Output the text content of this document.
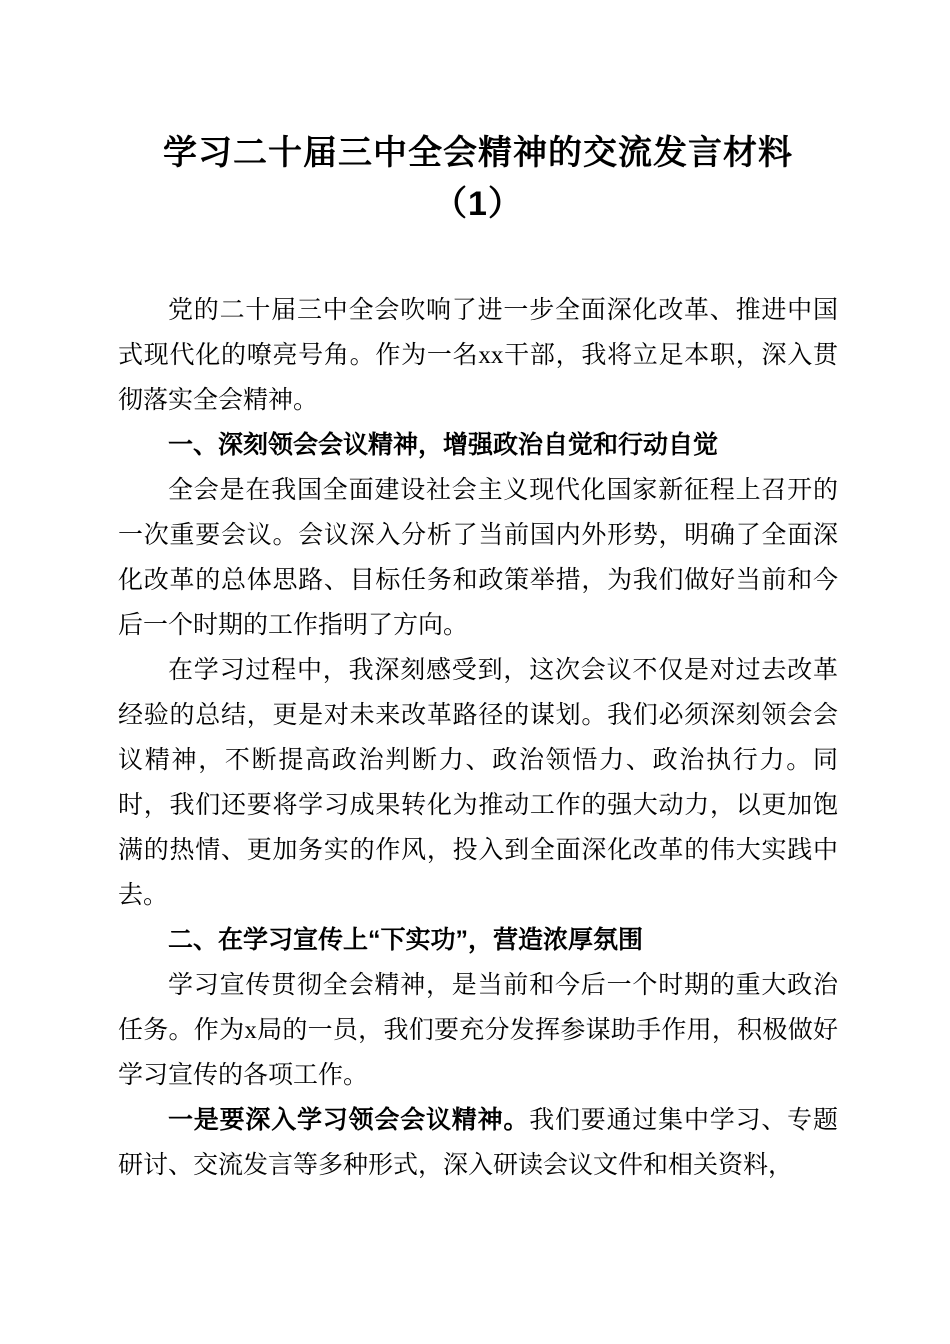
学习二十届三中全会精神的交流发言材料
（1）

党的二十届三中全会吹响了进一步全面深化改革、推进中国式现代化的嘹亮号角。作为一名xx干部，我将立足本职，深入贯彻落实全会精神。

一、深刻领会会议精神，增强政治自觉和行动自觉

全会是在我国全面建设社会主义现代化国家新征程上召开的一次重要会议。会议深入分析了当前国内外形势，明确了全面深化改革的总体思路、目标任务和政策举措，为我们做好当前和今后一个时期的工作指明了方向。

在学习过程中，我深刻感受到，这次会议不仅是对过去改革经验的总结，更是对未来改革路径的谋划。我们必须深刻领会会议精神，不断提高政治判断力、政治领悟力、政治执行力。同时，我们还要将学习成果转化为推动工作的强大动力，以更加饱满的热情、更加务实的作风，投入到全面深化改革的伟大实践中去。

二、在学习宣传上“下实功”，营造浓厚氛围

学习宣传贯彻全会精神，是当前和今后一个时期的重大政治任务。作为x局的一员，我们要充分发挥参谋助手作用，积极做好学习宣传的各项工作。

一是要深入学习领会会议精神。我们要通过集中学习、专题研讨、交流发言等多种形式，深入研读会议文件和相关资料，
